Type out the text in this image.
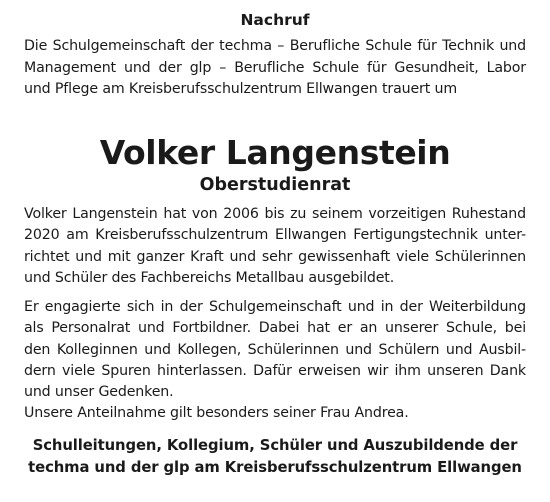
Nachruf
Die Schulgemeinschaft der techma – Berufliche Schule für Technik und
Management und der glp – Berufliche Schule für Gesundheit, Labor
und Pflege am Kreisberufsschulzentrum Ellwangen trauert um
Volker Langenstein
Oberstudienrat
Volker Langenstein hat von 2006 bis zu seinem vorzeitigen Ruhestand
2020 am Kreisberufsschulzentrum Ellwangen Fertigungstechnik unter-
richtet und mit ganzer Kraft und sehr gewissenhaft viele Schülerinnen
und Schüler des Fachbereichs Metallbau ausgebildet.
Er engagierte sich in der Schulgemeinschaft und in der Weiterbildung
als Personalrat und Fortbildner. Dabei hat er an unserer Schule, bei
den Kolleginnen und Kollegen, Schülerinnen und Schülern und Ausbil-
dern viele Spuren hinterlassen. Dafür erweisen wir ihm unseren Dank
und unser Gedenken.
Unsere Anteilnahme gilt besonders seiner Frau Andrea.
Schulleitungen, Kollegium, Schüler und Auszubildende der
techma und der glp am Kreisberufsschulzentrum Ellwangen
